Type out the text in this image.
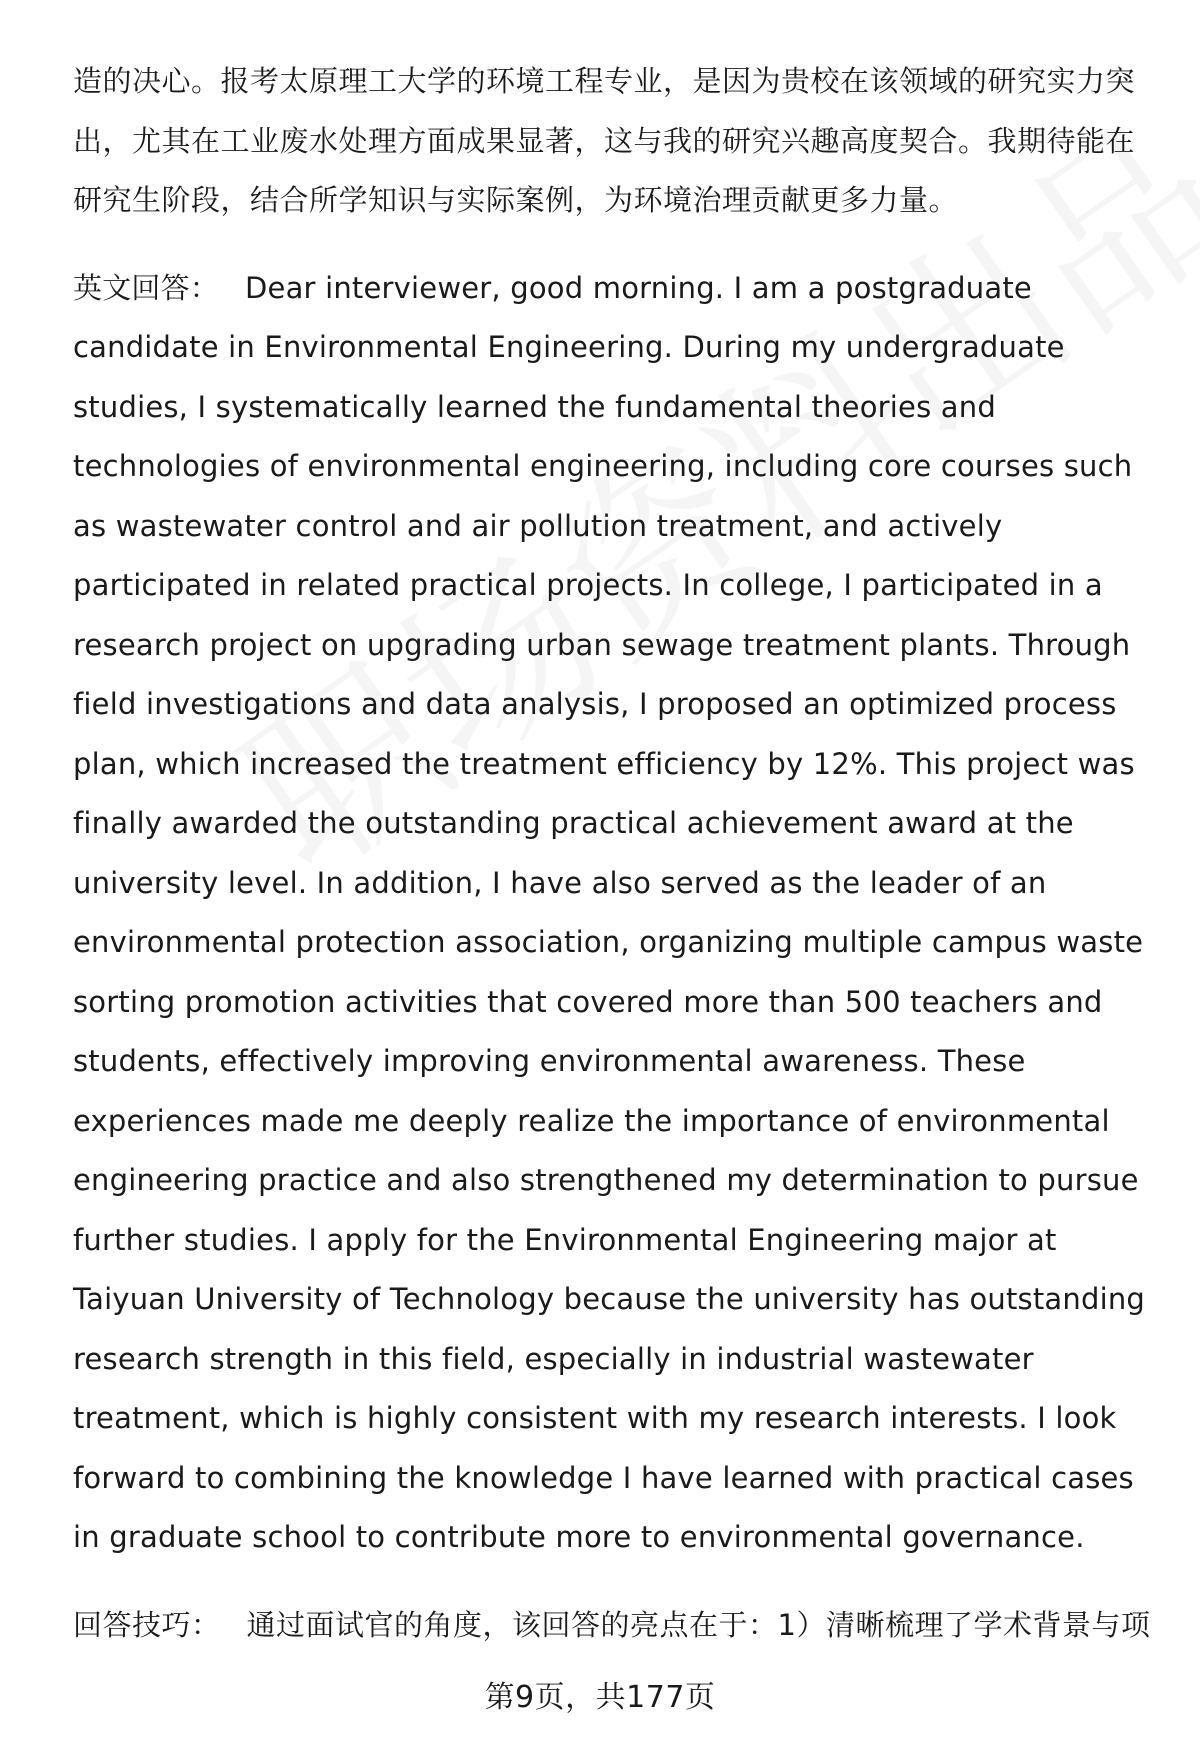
造的决心。报考太原理工大学的环境工程专业，是因为贵校在该领域的研究实力突出，尤其在工业废水处理方面成果显著，这与我的研究兴趣高度契合。我期待能在研究生阶段，结合所学知识与实际案例，为环境治理贡献更多力量。

英文回答： Dear interviewer, good morning. I am a postgraduate candidate in Environmental Engineering. During my undergraduate studies, I systematically learned the fundamental theories and technologies of environmental engineering, including core courses such as wastewater control and air pollution treatment, and actively participated in related practical projects. In college, I participated in a research project on upgrading urban sewage treatment plants. Through field investigations and data analysis, I proposed an optimized process plan, which increased the treatment efficiency by 12%. This project was finally awarded the outstanding practical achievement award at the university level. In addition, I have also served as the leader of an environmental protection association, organizing multiple campus waste sorting promotion activities that covered more than 500 teachers and students, effectively improving environmental awareness. These experiences made me deeply realize the importance of environmental engineering practice and also strengthened my determination to pursue further studies. I apply for the Environmental Engineering major at Taiyuan University of Technology because the university has outstanding research strength in this field, especially in industrial wastewater treatment, which is highly consistent with my research interests. I look forward to combining the knowledge I have learned with practical cases in graduate school to contribute more to environmental governance.

回答技巧： 通过面试官的角度，该回答的亮点在于：1）清晰梳理了学术背景与项

第9页，共177页
